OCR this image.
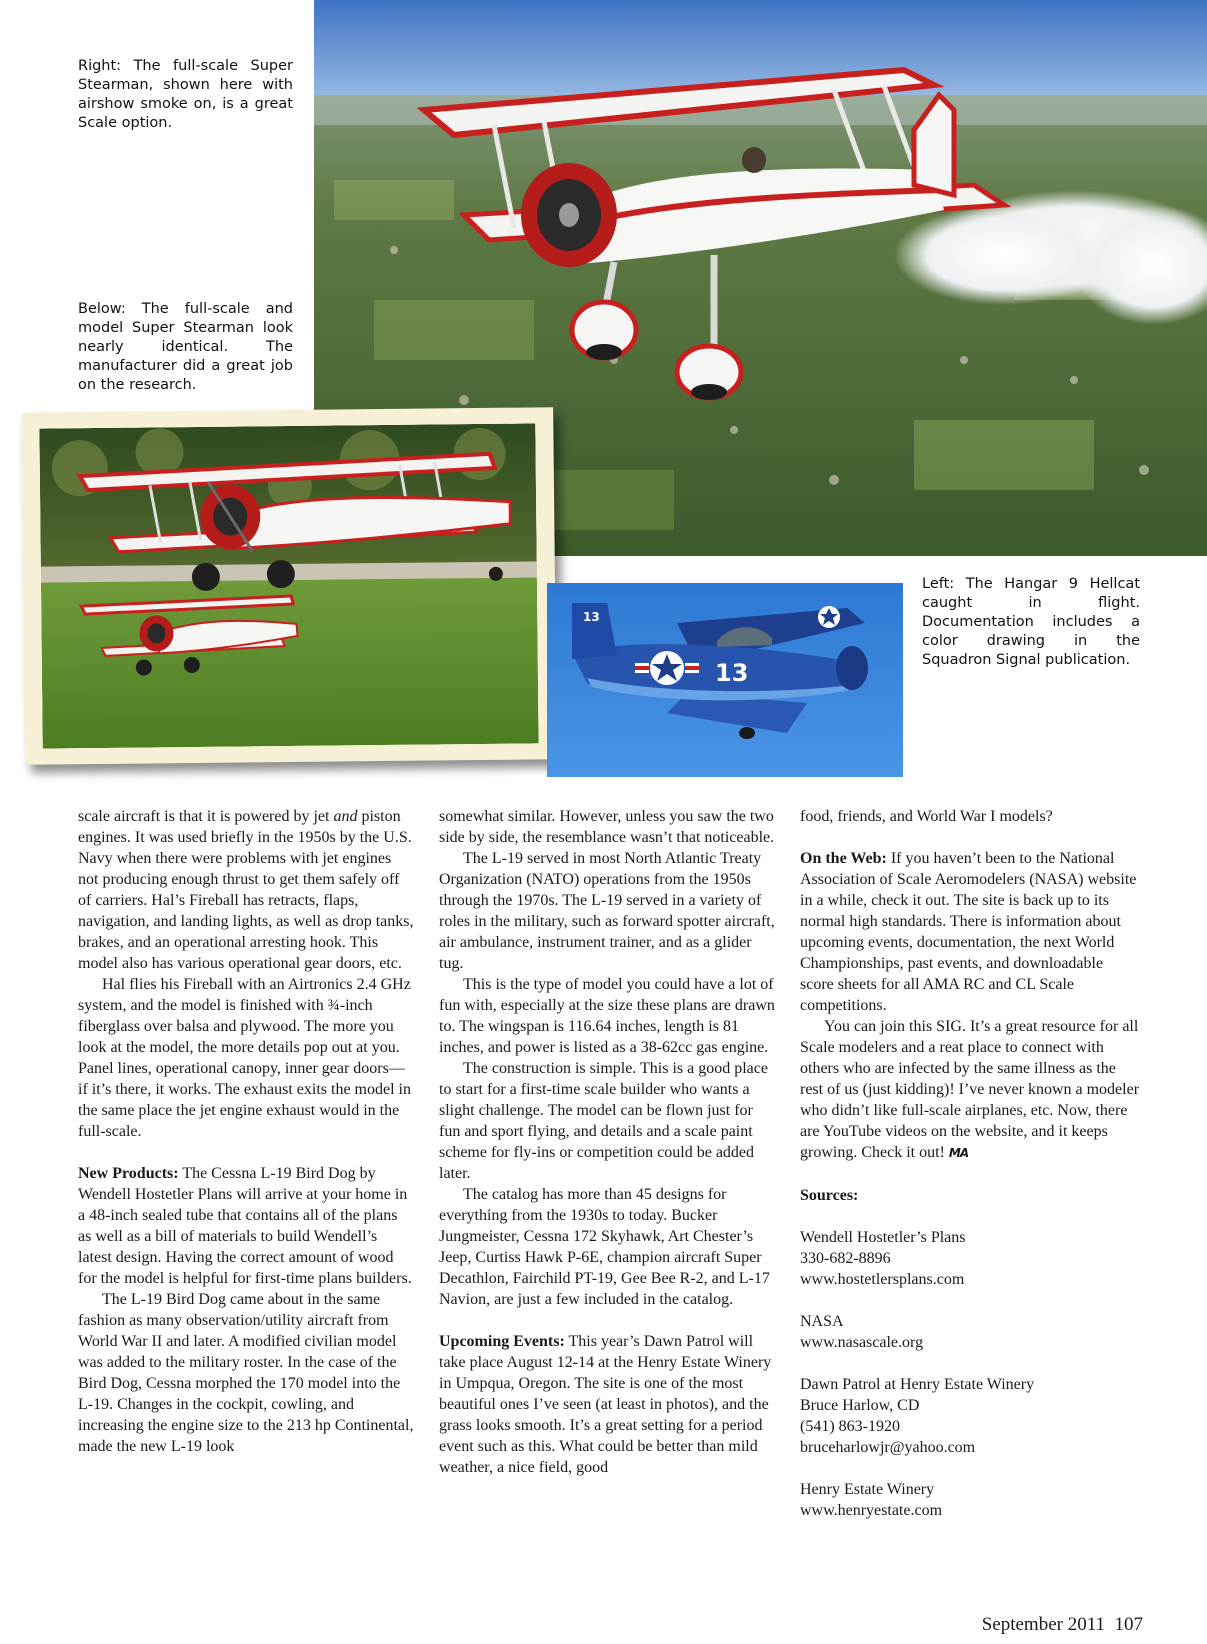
Right: The full-scale Super Stearman, shown here with airshow smoke on, is a great Scale option.
Below: The full-scale and model Super Stearman look nearly identical. The manufacturer did a great job on the research.
Left: The Hangar 9 Hellcat caught in flight. Documentation includes a color drawing in the Squadron Signal publication.
13
13

scale aircraft is that it is powered by jet and piston engines. It was used briefly in the 1950s by the U.S. Navy when there were problems with jet engines not producing enough thrust to get them safely off of carriers. Hal’s Fireball has retracts, flaps, navigation, and landing lights, as well as drop tanks, brakes, and an operational arresting hook. This model also has various operational gear doors, etc.

Hal flies his Fireball with an Airtronics 2.4 GHz system, and the model is finished with ¾-inch fiberglass over balsa and plywood. The more you look at the model, the more details pop out at you. Panel lines, operational canopy, inner gear doors—if it’s there, it works. The exhaust exits the model in the same place the jet engine exhaust would in the full-scale.

New Products: The Cessna L-19 Bird Dog by Wendell Hostetler Plans will arrive at your home in a 48-inch sealed tube that contains all of the plans as well as a bill of materials to build Wendell’s latest design. Having the correct amount of wood for the model is helpful for first-time plans builders.

The L-19 Bird Dog came about in the same fashion as many observation/utility aircraft from World War II and later. A modified civilian model was added to the military roster. In the case of the Bird Dog, Cessna morphed the 170 model into the L-19. Changes in the cockpit, cowling, and increasing the engine size to the 213 hp Continental, made the new L-19 look

somewhat similar. However, unless you saw the two side by side, the resemblance wasn’t that noticeable.

The L-19 served in most North Atlantic Treaty Organization (NATO) operations from the 1950s through the 1970s. The L-19 served in a variety of roles in the military, such as forward spotter aircraft, air ambulance, instrument trainer, and as a glider tug.

This is the type of model you could have a lot of fun with, especially at the size these plans are drawn to. The wingspan is 116.64 inches, length is 81 inches, and power is listed as a 38-62cc gas engine.

The construction is simple. This is a good place to start for a first-time scale builder who wants a slight challenge. The model can be flown just for fun and sport flying, and details and a scale paint scheme for fly-ins or competition could be added later.

The catalog has more than 45 designs for everything from the 1930s to today. Bucker Jungmeister, Cessna 172 Skyhawk, Art Chester’s Jeep, Curtiss Hawk P-6E, champion aircraft Super Decathlon, Fairchild PT-19, Gee Bee R-2, and L-17 Navion, are just a few included in the catalog.

Upcoming Events: This year’s Dawn Patrol will take place August 12-14 at the Henry Estate Winery in Umpqua, Oregon. The site is one of the most beautiful ones I’ve seen (at least in photos), and the grass looks smooth. It’s a great setting for a period event such as this. What could be better than mild weather, a nice field, good

food, friends, and World War I models?

On the Web: If you haven’t been to the National Association of Scale Aeromodelers (NASA) website in a while, check it out. The site is back up to its normal high standards. There is information about upcoming events, documentation, the next World Championships, past events, and downloadable score sheets for all AMA RC and CL Scale competitions.

You can join this SIG. It’s a great resource for all Scale modelers and a reat place to connect with others who are infected by the same illness as the rest of us (just kidding)! I’ve never known a modeler who didn’t like full-scale airplanes, etc. Now, there are YouTube videos on the website, and it keeps growing. Check it out! MA

Sources:

Wendell Hostetler’s Plans
330-682-8896
www.hostetlersplans.com
NASA
www.nasascale.org
Dawn Patrol at Henry Estate Winery
Bruce Harlow, CD
(541) 863-1920
bruceharlowjr@yahoo.com
Henry Estate Winery
www.henryestate.com
September 2011 107
